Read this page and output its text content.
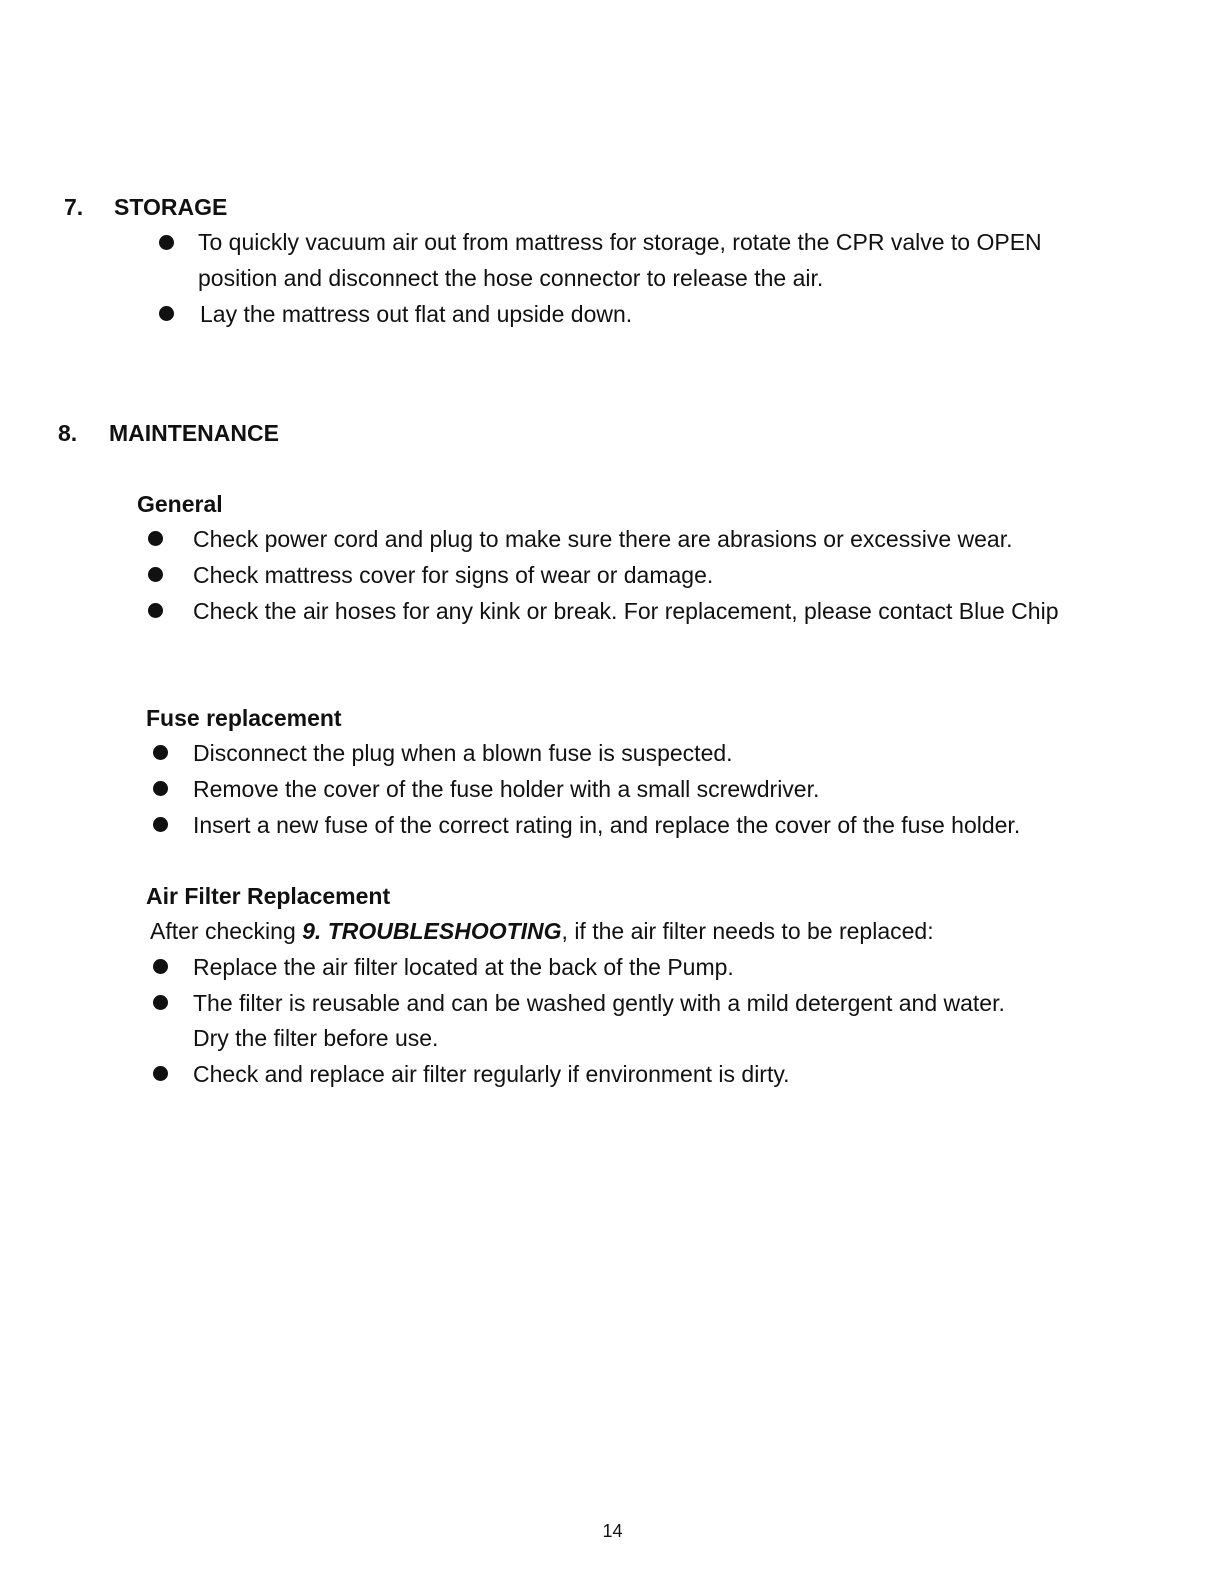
7. STORAGE
To quickly vacuum air out from mattress for storage, rotate the CPR valve to OPEN
position and disconnect the hose connector to release the air.
Lay the mattress out flat and upside down.
8. MAINTENANCE
General
Check power cord and plug to make sure there are abrasions or excessive wear.
Check mattress cover for signs of wear or damage.
Check the air hoses for any kink or break. For replacement, please contact Blue Chip
Fuse replacement
Disconnect the plug when a blown fuse is suspected.
Remove the cover of the fuse holder with a small screwdriver.
Insert a new fuse of the correct rating in, and replace the cover of the fuse holder.
Air Filter Replacement
After checking 9. TROUBLESHOOTING, if the air filter needs to be replaced:
Replace the air filter located at the back of the Pump.
The filter is reusable and can be washed gently with a mild detergent and water.
Dry the filter before use.
Check and replace air filter regularly if environment is dirty.
14
